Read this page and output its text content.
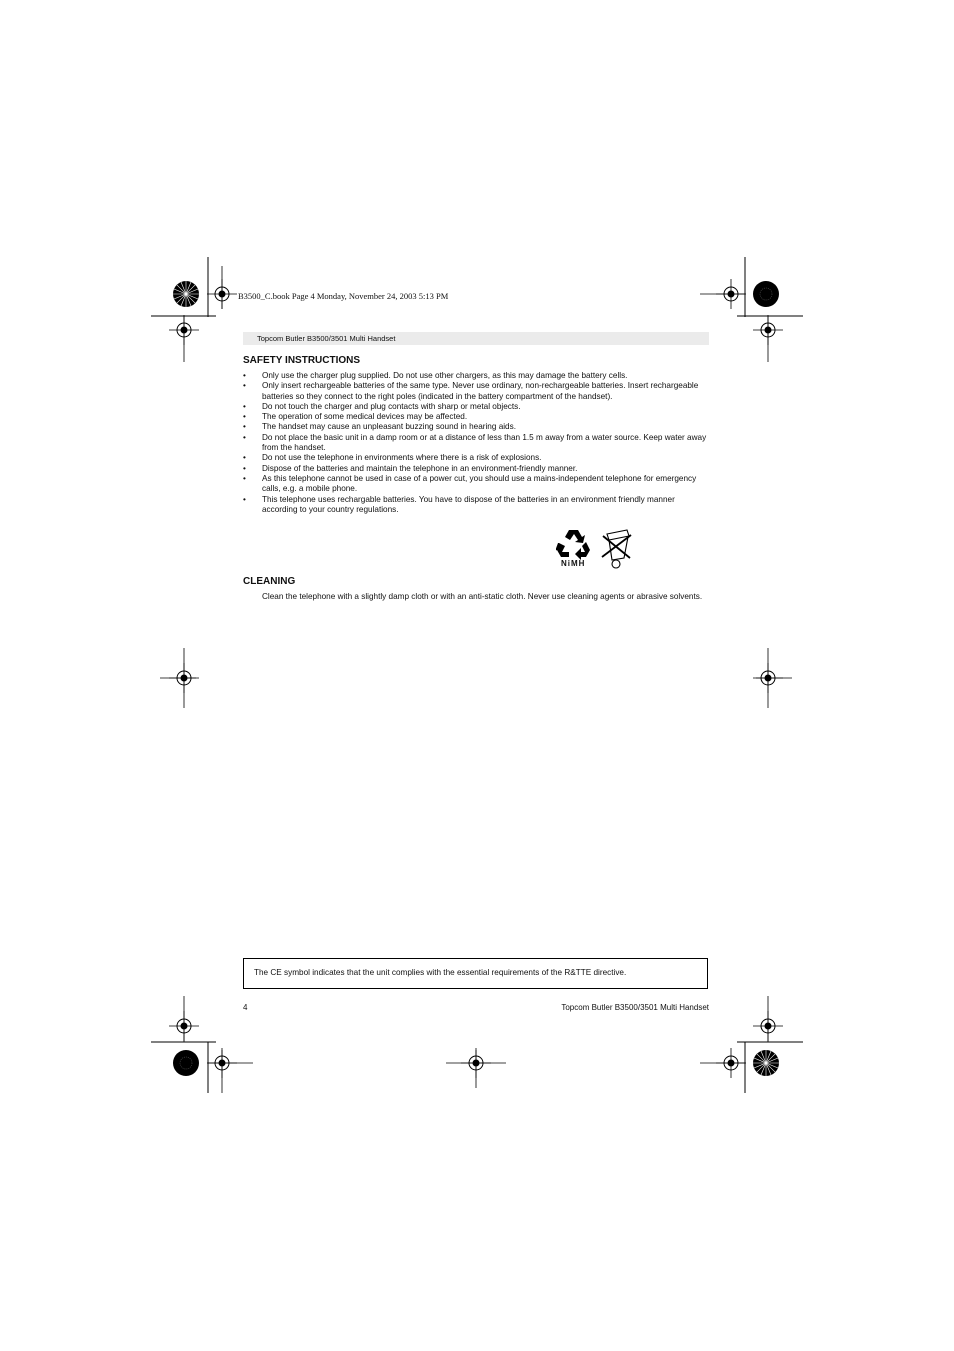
B3500_C.book Page 4 Monday, November 24, 2003 5:13 PM
Topcom Butler B3500/3501 Multi Handset
SAFETY INSTRUCTIONS
• Only use the charger plug supplied. Do not use other chargers, as this may damage the battery cells.
• Only insert rechargeable batteries of the same type. Never use ordinary, non-rechargeable batteries. Insert rechargeable batteries so they connect to the right poles (indicated in the battery compartment of the handset).
• Do not touch the charger and plug contacts with sharp or metal objects.
• The operation of some medical devices may be affected.
• The handset may cause an unpleasant buzzing sound in hearing aids.
• Do not place the basic unit in a damp room or at a distance of less than 1.5 m away from a water source. Keep water away from the handset.
• Do not use the telephone in environments where there is a risk of explosions.
• Dispose of the batteries and maintain the telephone in an environment-friendly manner.
• As this telephone cannot be used in case of a power cut, you should use a mains-independent telephone for emergency calls, e.g. a mobile phone.
• This telephone uses rechargable batteries. You have to dispose of the batteries in an environment friendly manner according to your country regulations.
NiMH
CLEANING
Clean the telephone with a slightly damp cloth or with an anti-static cloth. Never use cleaning agents or abrasive solvents.
The CE symbol indicates that the unit complies with the essential requirements of the R&TTE directive.
4	Topcom Butler B3500/3501 Multi Handset
